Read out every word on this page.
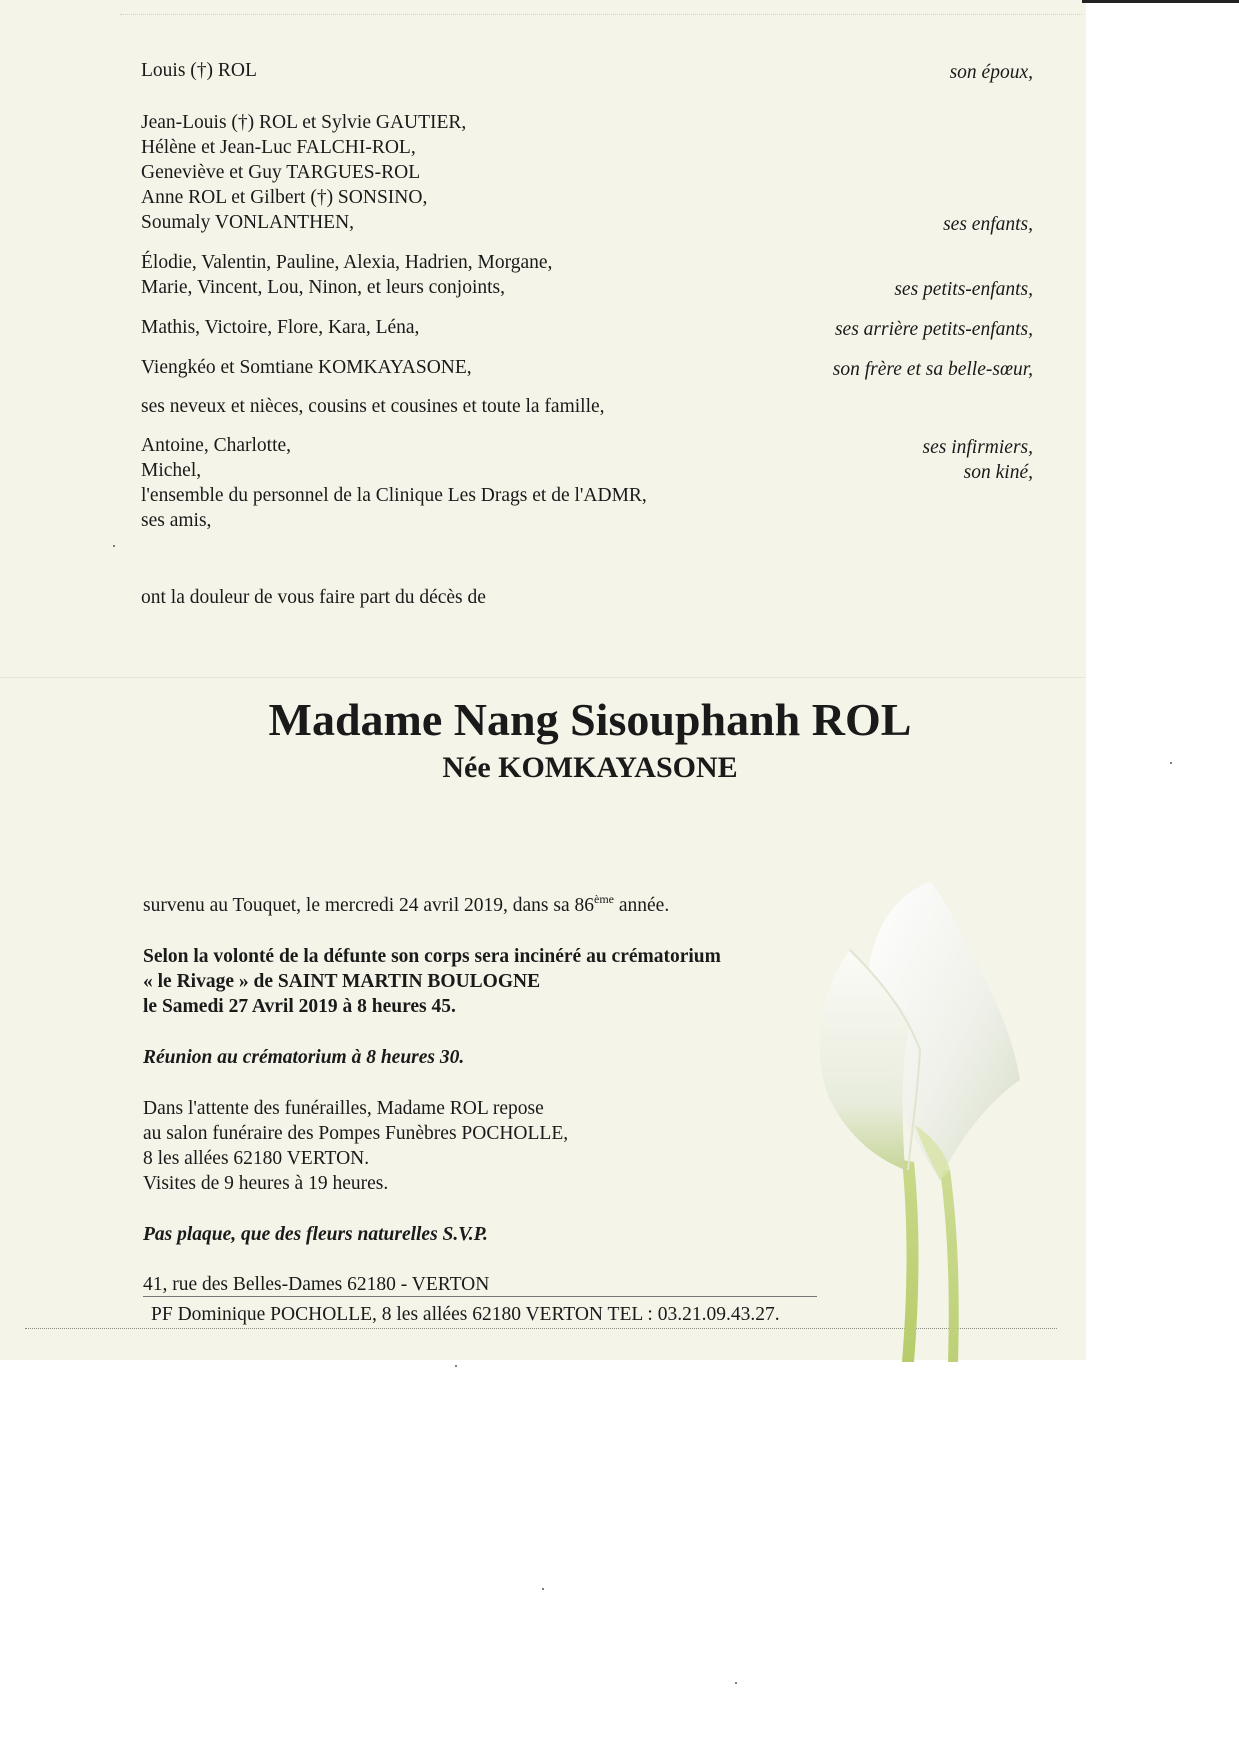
Louis (†) ROL	son époux,
Jean-Louis (†) ROL et Sylvie GAUTIER,
Hélène et Jean-Luc FALCHI-ROL,
Geneviève et Guy TARGUES-ROL
Anne ROL et Gilbert (†) SONSINO,
Soumaly VONLANTHEN,	ses enfants,
Élodie, Valentin, Pauline, Alexia, Hadrien, Morgane,
Marie, Vincent, Lou, Ninon, et leurs conjoints,	ses petits-enfants,
Mathis, Victoire, Flore, Kara, Léna,	ses arrière petits-enfants,
Viengkéo et Somtiane KOMKAYASONE,	son frère et sa belle-sœur,
ses neveux et nièces, cousins et cousines et toute la famille,
Antoine, Charlotte,	ses infirmiers,
Michel,	son kiné,
l'ensemble du personnel de la Clinique Les Drags et de l'ADMR,
ses amis,
ont la douleur de vous faire part du décès de
Madame Nang Sisouphanh ROL
Née KOMKAYASONE
survenu au Touquet, le mercredi 24 avril 2019, dans sa 86ème année.
Selon la volonté de la défunte son corps sera incinéré au crématorium
« le Rivage » de SAINT MARTIN BOULOGNE
le Samedi 27 Avril 2019 à 8 heures 45.
Réunion au crématorium à 8 heures 30.
Dans l'attente des funérailles, Madame ROL repose
au salon funéraire des Pompes Funèbres POCHOLLE,
8 les allées 62180 VERTON.
Visites de 9 heures à 19 heures.
Pas plaque, que des fleurs naturelles S.V.P.
41, rue des Belles-Dames 62180 - VERTON
PF Dominique POCHOLLE, 8 les allées 62180 VERTON TEL : 03.21.09.43.27.
